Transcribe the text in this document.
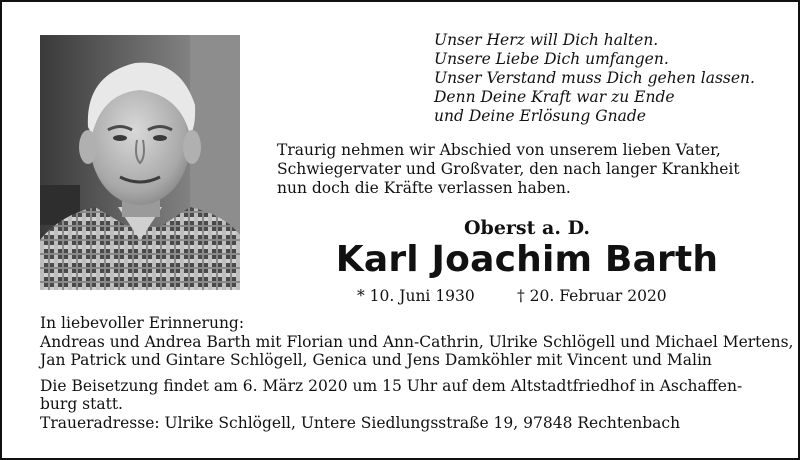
Unser Herz will Dich halten.
Unsere Liebe Dich umfangen.
Unser Verstand muss Dich gehen lassen.
Denn Deine Kraft war zu Ende
und Deine Erlösung Gnade
Traurig nehmen wir Abschied von unserem lieben Vater,
Schwiegervater und Großvater, den nach langer Krankheit
nun doch die Kräfte verlassen haben.
Oberst a. D.
Karl Joachim Barth
* 10. Juni 1930	† 20. Februar 2020
In liebevoller Erinnerung:
Andreas und Andrea Barth mit Florian und Ann-Cathrin, Ulrike Schlögell und Michael Mertens,
Jan Patrick und Gintare Schlögell, Genica und Jens Damköhler mit Vincent und Malin
Die Beisetzung findet am 6. März 2020 um 15 Uhr auf dem Altstadtfriedhof in Aschaffen-
burg statt.
Traueradresse: Ulrike Schlögell, Untere Siedlungsstraße 19, 97848 Rechtenbach
